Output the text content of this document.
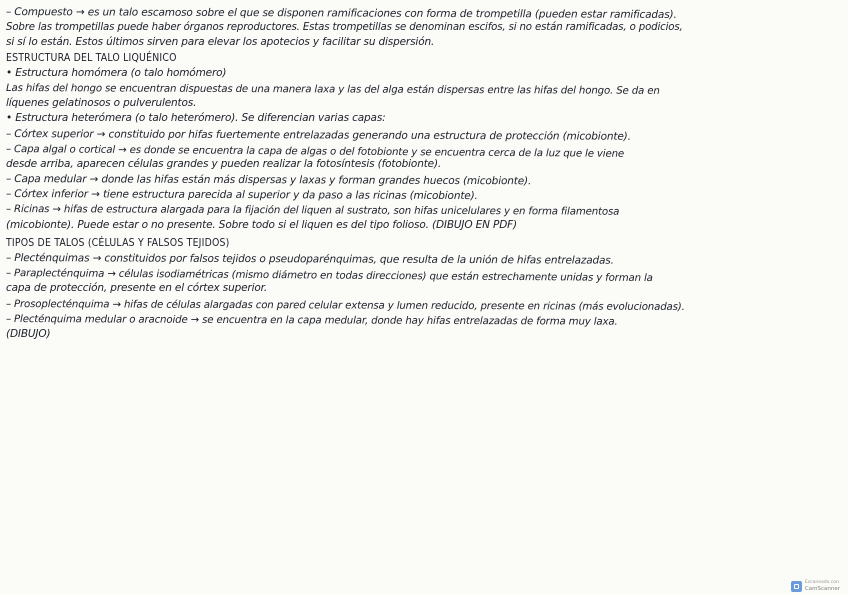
– Compuesto → es un talo escamoso sobre el que se disponen ramificaciones con forma de trompetilla (pueden estar ramificadas).
Sobre las trompetillas puede haber órganos reproductores. Estas trompetillas se denominan escifos, si no están ramificadas, o podicios,
si sí lo están. Estos últimos sirven para elevar los apotecios y facilitar su dispersión.
ESTRUCTURA DEL TALO LIQUÉNICO
• Estructura homómera (o talo homómero)
Las hifas del hongo se encuentran dispuestas de una manera laxa y las del alga están dispersas entre las hifas del hongo. Se da en
líquenes gelatinosos o pulverulentos.
• Estructura heterómera (o talo heterómero). Se diferencian varias capas:
– Córtex superior → constituido por hifas fuertemente entrelazadas generando una estructura de protección (micobionte).
– Capa algal o cortical → es donde se encuentra la capa de algas o del fotobionte y se encuentra cerca de la luz que le viene
desde arriba, aparecen células grandes y pueden realizar la fotosíntesis (fotobionte).
– Capa medular → donde las hifas están más dispersas y laxas y forman grandes huecos (micobionte).
– Córtex inferior → tiene estructura parecida al superior y da paso a las ricinas (micobionte).
– Ricinas → hifas de estructura alargada para la fijación del liquen al sustrato, son hifas unicelulares y en forma filamentosa
(micobionte). Puede estar o no presente. Sobre todo si el liquen es del tipo folioso. (DIBUJO EN PDF)
TIPOS DE TALOS (CÉLULAS Y FALSOS TEJIDOS)
– Plecténquimas → constituidos por falsos tejidos o pseudoparénquimas, que resulta de la unión de hifas entrelazadas.
– Paraplecténquima → células isodiamétricas (mismo diámetro en todas direcciones) que están estrechamente unidas y forman la
capa de protección, presente en el córtex superior.
– Prosoplecténquima → hifas de células alargadas con pared celular extensa y lumen reducido, presente en ricinas (más evolucionadas).
– Plecténquima medular o aracnoide → se encuentra en la capa medular, donde hay hifas entrelazadas de forma muy laxa.
(DIBUJO)
Escaneado con
CamScanner
